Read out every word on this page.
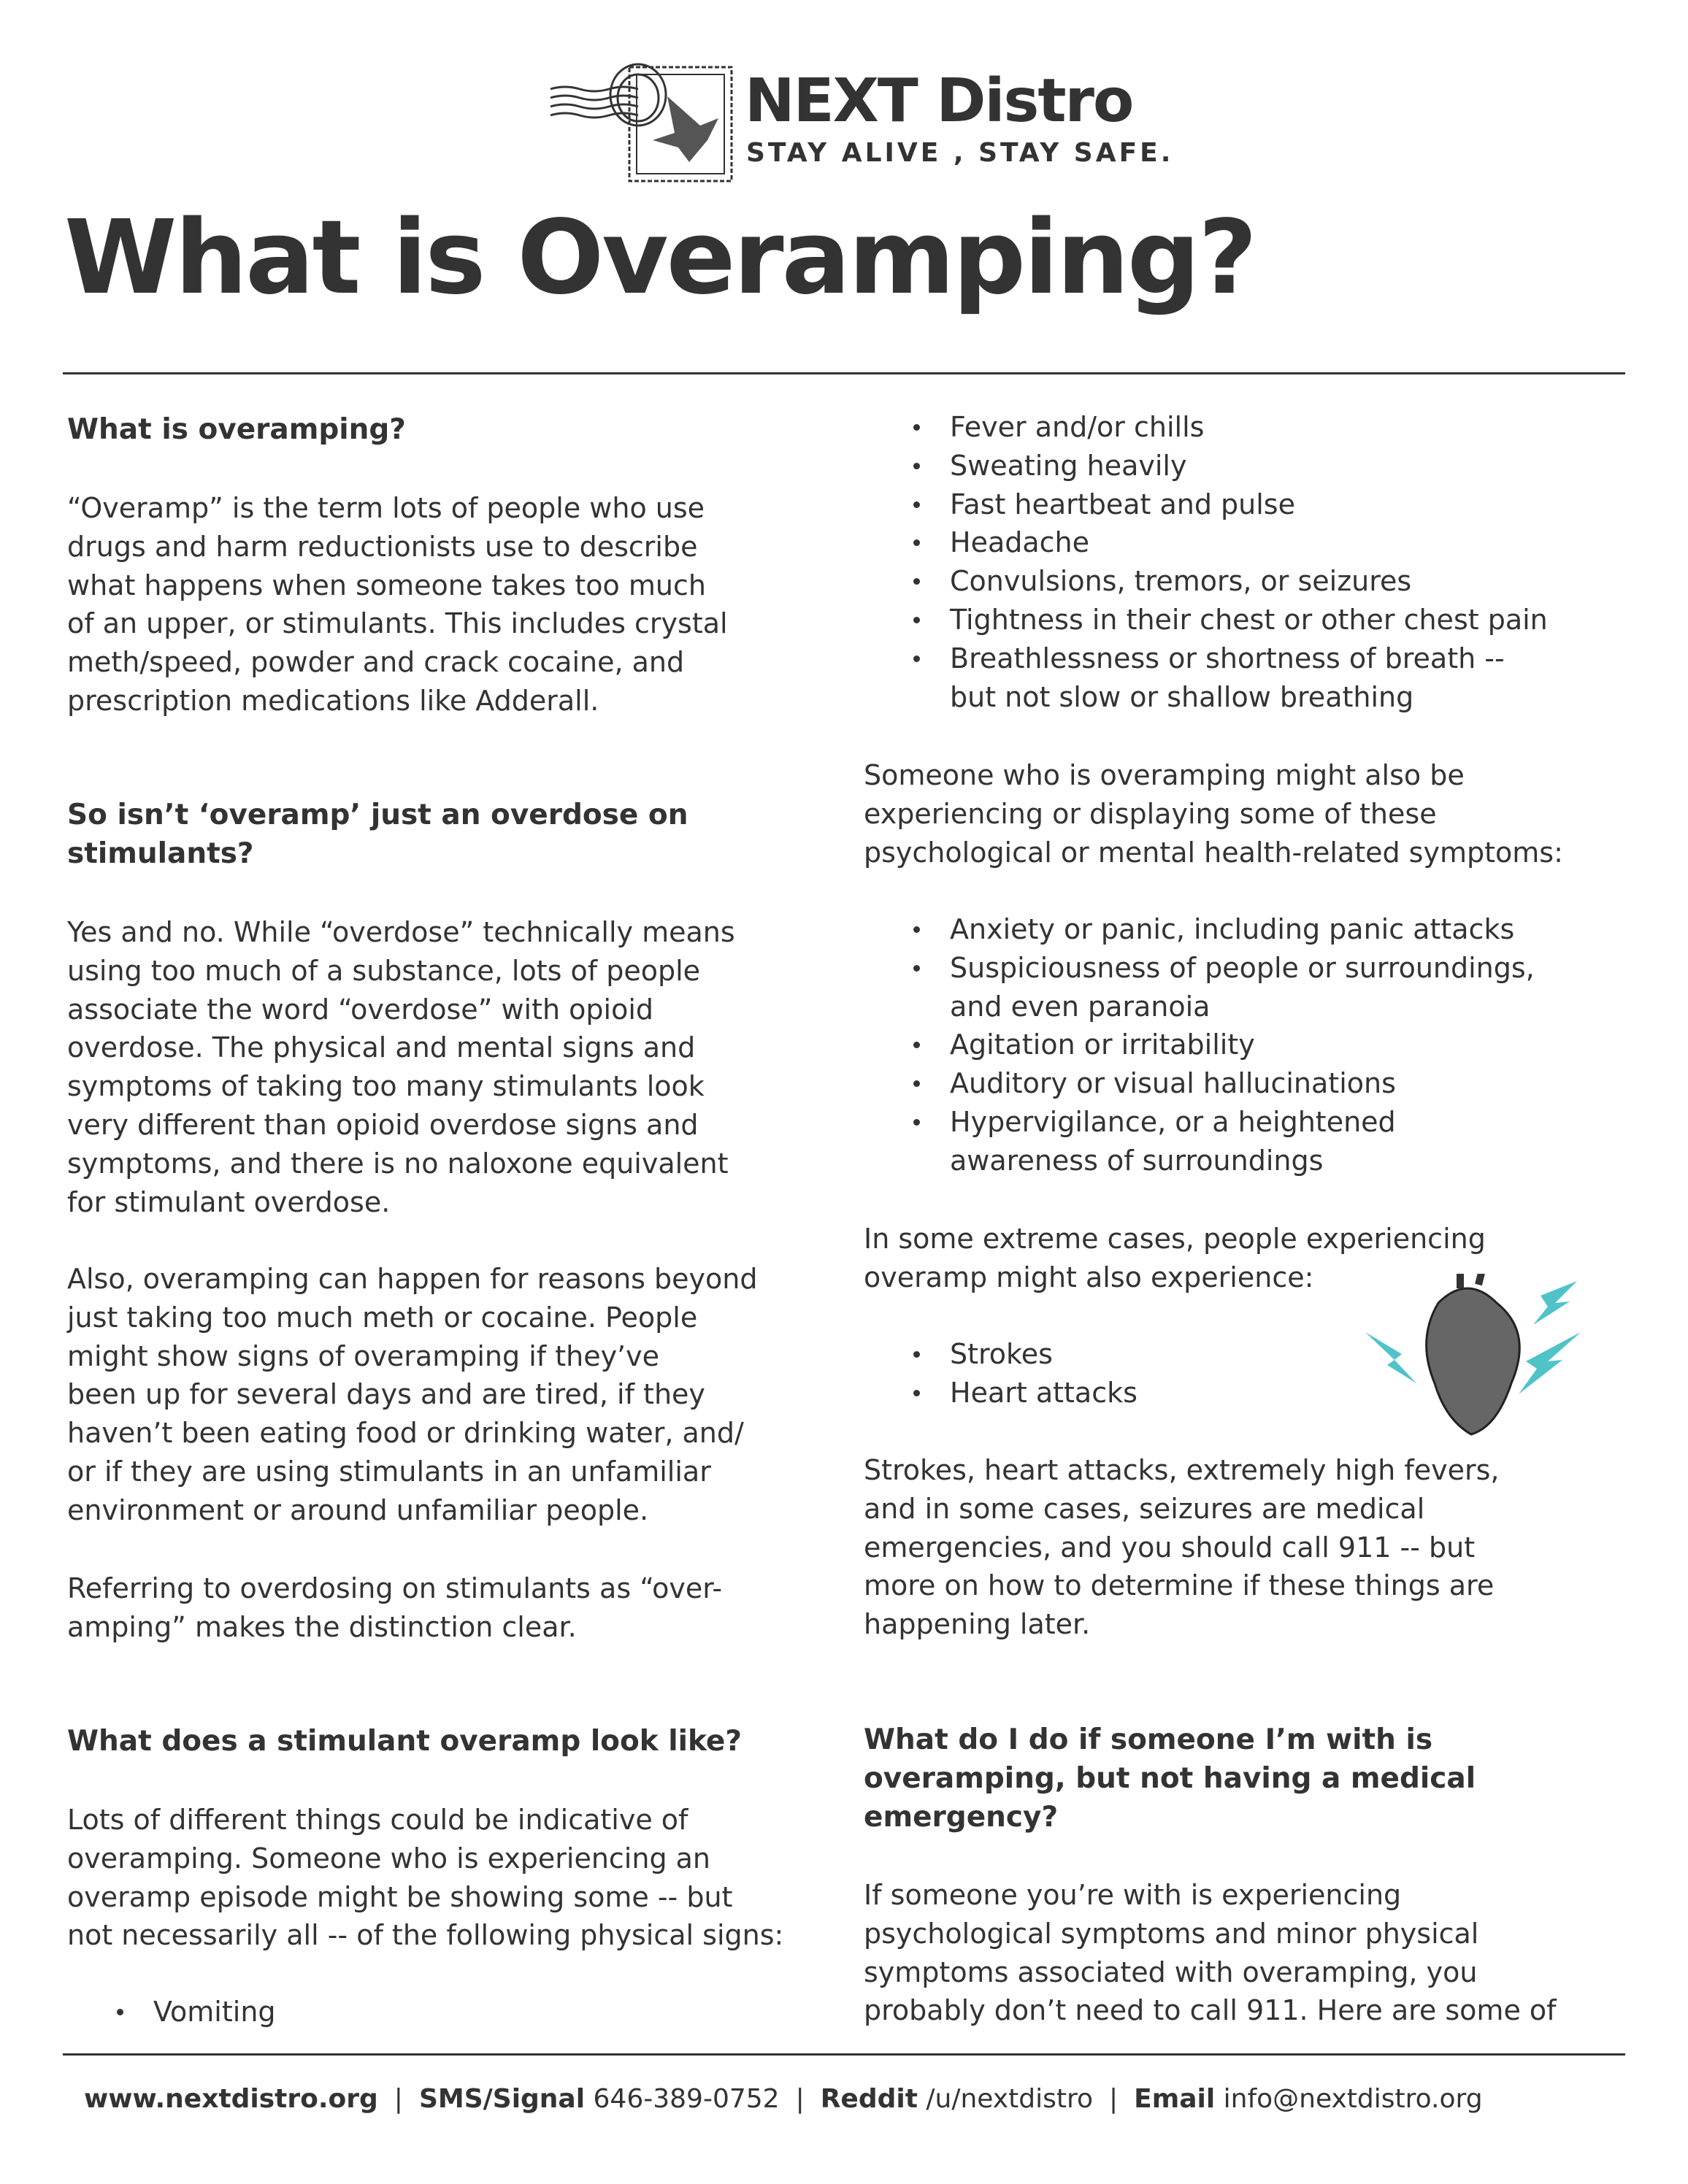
NEXT Distro
STAY ALIVE , STAY SAFE.
What is Overamping?
What is overamping?
“Overamp” is the term lots of people who use
drugs and harm reductionists use to describe
what happens when someone takes too much
of an upper, or stimulants. This includes crystal
meth/speed, powder and crack cocaine, and
prescription medications like Adderall.
So isn’t ‘overamp’ just an overdose on
stimulants?
Yes and no. While “overdose” technically means
using too much of a substance, lots of people
associate the word “overdose” with opioid
overdose. The physical and mental signs and
symptoms of taking too many stimulants look
very different than opioid overdose signs and
symptoms, and there is no naloxone equivalent
for stimulant overdose.
Also, overamping can happen for reasons beyond
just taking too much meth or cocaine. People
might show signs of overamping if they’ve
been up for several days and are tired, if they
haven’t been eating food or drinking water, and/
or if they are using stimulants in an unfamiliar
environment or around unfamiliar people.
Referring to overdosing on stimulants as “over-
amping” makes the distinction clear.
What does a stimulant overamp look like?
Lots of different things could be indicative of
overamping. Someone who is experiencing an
overamp episode might be showing some -- but
not necessarily all -- of the following physical signs:
Vomiting
Fever and/or chills
Sweating heavily
Fast heartbeat and pulse
Headache
Convulsions, tremors, or seizures
Tightness in their chest or other chest pain
Breathlessness or shortness of breath --
but not slow or shallow breathing
Someone who is overamping might also be
experiencing or displaying some of these
psychological or mental health-related symptoms:
Anxiety or panic, including panic attacks
Suspiciousness of people or surroundings,
and even paranoia
Agitation or irritability
Auditory or visual hallucinations
Hypervigilance, or a heightened
awareness of surroundings
In some extreme cases, people experiencing
overamp might also experience:
Strokes
Heart attacks
Strokes, heart attacks, extremely high fevers,
and in some cases, seizures are medical
emergencies, and you should call 911 -- but
more on how to determine if these things are
happening later.
What do I do if someone I’m with is
overamping, but not having a medical
emergency?
If someone you’re with is experiencing
psychological symptoms and minor physical
symptoms associated with overamping, you
probably don’t need to call 911. Here are some of
www.nextdistro.org | SMS/Signal 646-389-0752 | Reddit /u/nextdistro | Email info@nextdistro.org
